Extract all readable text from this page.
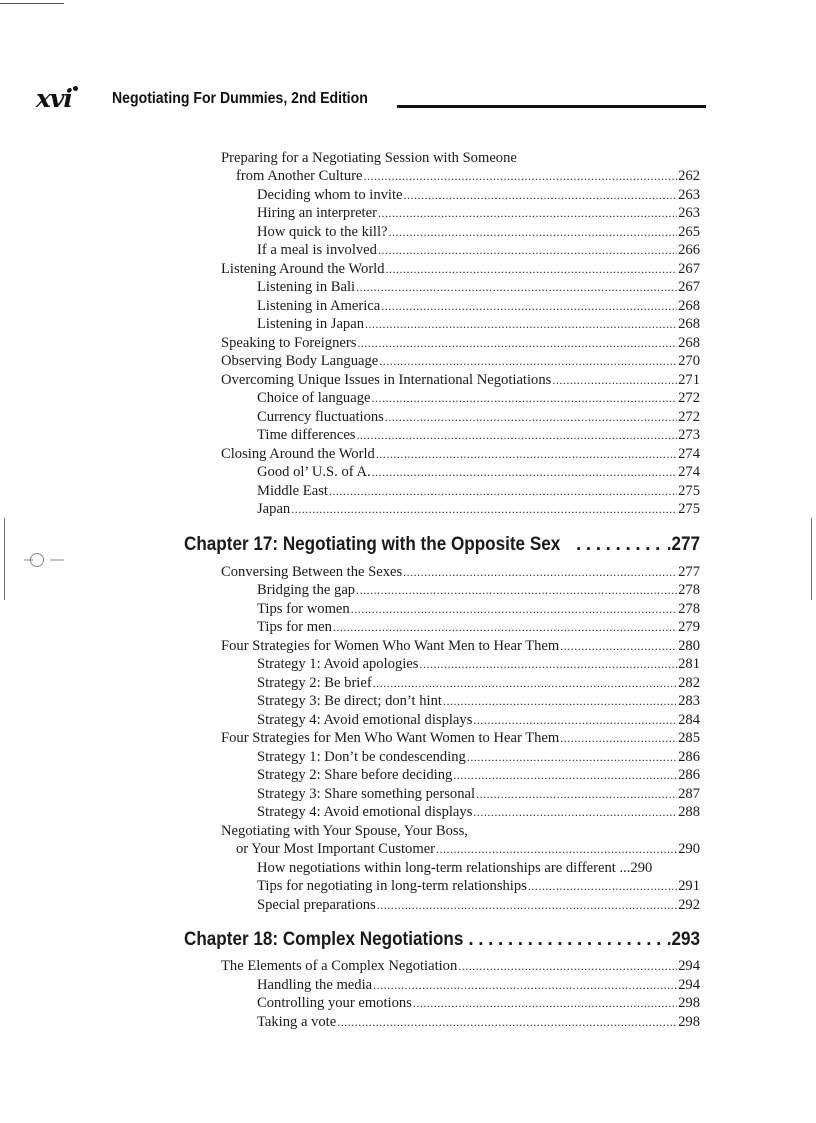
xvi	Negotiating For Dummies, 2nd Edition
Preparing for a Negotiating Session with Someone
from Another Culture .....	262
Deciding whom to invite .....	263
Hiring an interpreter .....	263
How quick to the kill? .....	265
If a meal is involved .....	266
Listening Around the World .....	267
Listening in Bali .....	267
Listening in America .....	268
Listening in Japan .....	268
Speaking to Foreigners .....	268
Observing Body Language .....	270
Overcoming Unique Issues in International Negotiations .....	271
Choice of language .....	272
Currency fluctuations .....	272
Time differences .....	273
Closing Around the World .....	274
Good ol’ U.S. of A. .....	274
Middle East .....	275
Japan .....	275
Chapter 17: Negotiating with the Opposite Sex .....	.277
Conversing Between the Sexes .....	277
Bridging the gap .....	278
Tips for women .....	278
Tips for men .....	279
Four Strategies for Women Who Want Men to Hear Them .....	280
Strategy 1: Avoid apologies .....	281
Strategy 2: Be brief .....	282
Strategy 3: Be direct; don’t hint .....	283
Strategy 4: Avoid emotional displays .....	284
Four Strategies for Men Who Want Women to Hear Them .....	285
Strategy 1: Don’t be condescending .....	286
Strategy 2: Share before deciding .....	286
Strategy 3: Share something personal .....	287
Strategy 4: Avoid emotional displays .....	288
Negotiating with Your Spouse, Your Boss,
or Your Most Important Customer .....	290
How negotiations within long-term relationships are different ...290
Tips for negotiating in long-term relationships .....	291
Special preparations .....	292
Chapter 18: Complex Negotiations .....	.293
The Elements of a Complex Negotiation .....	294
Handling the media .....	294
Controlling your emotions .....	298
Taking a vote .....	298
